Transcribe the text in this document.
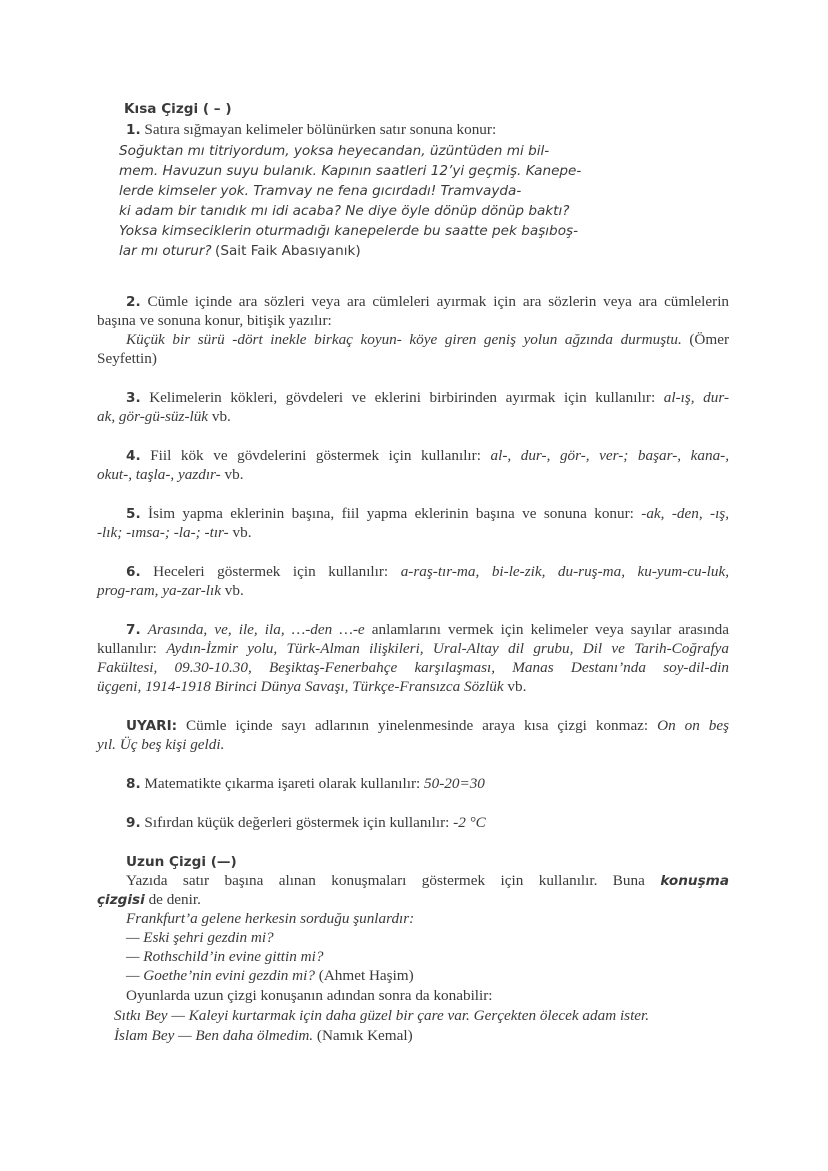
Kısa Çizgi ( – )
1. Satıra sığmayan kelimeler bölünürken satır sonuna konur:
Soğuktan mı titriyordum, yoksa heyecandan, üzüntüden mi bil-
mem. Havuzun suyu bulanık. Kapının saatleri 12’yi geçmiş. Kanepe-
lerde kimseler yok. Tramvay ne fena gıcırdadı! Tramvayda-
ki adam bir tanıdık mı idi acaba? Ne diye öyle dönüp dönüp baktı?
Yoksa kimseciklerin oturmadığı kanepelerde bu saatte pek başıboş-
lar mı oturur? (Sait Faik Abasıyanık)
2. Cümle içinde ara sözleri veya ara cümleleri ayırmak için ara sözlerin veya ara cümlelerin
başına ve sonuna konur, bitişik yazılır:
Küçük bir sürü -dört inekle birkaç koyun- köye giren geniş yolun ağzında durmuştu. (Ömer
Seyfettin)
3. Kelimelerin kökleri, gövdeleri ve eklerini birbirinden ayırmak için kullanılır: al-ış, dur-
ak, gör-gü-süz-lük vb.
4. Fiil kök ve gövdelerini göstermek için kullanılır: al-, dur-, gör-, ver-; başar-, kana-,
okut-, taşla-, yazdır- vb.
5. İsim yapma eklerinin başına, fiil yapma eklerinin başına ve sonuna konur: -ak, -den, -ış,
-lık; -ımsa-; -la-; -tır- vb.
6. Heceleri göstermek için kullanılır: a-raş-tır-ma, bi-le-zik, du-ruş-ma, ku-yum-cu-luk,
prog-ram, ya-zar-lık vb.
7. Arasında, ve, ile, ila, …-den …-e anlamlarını vermek için kelimeler veya sayılar arasında
kullanılır: Aydın-İzmir yolu, Türk-Alman ilişkileri, Ural-Altay dil grubu, Dil ve Tarih-Coğrafya
Fakültesi, 09.30-10.30, Beşiktaş-Fenerbahçe karşılaşması, Manas Destanı’nda soy-dil-din
üçgeni, 1914-1918 Birinci Dünya Savaşı, Türkçe-Fransızca Sözlük vb.
UYARI: Cümle içinde sayı adlarının yinelenmesinde araya kısa çizgi konmaz: On on beş
yıl. Üç beş kişi geldi.
8. Matematikte çıkarma işareti olarak kullanılır: 50-20=30
9. Sıfırdan küçük değerleri göstermek için kullanılır: -2 °C
Uzun Çizgi (—)
Yazıda satır başına alınan konuşmaları göstermek için kullanılır. Buna konuşma
çizgisi de denir.
Frankfurt’a gelene herkesin sorduğu şunlardır:
— Eski şehri gezdin mi?
— Rothschild’in evine gittin mi?
— Goethe’nin evini gezdin mi? (Ahmet Haşim)
Oyunlarda uzun çizgi konuşanın adından sonra da konabilir:
Sıtkı Bey — Kaleyi kurtarmak için daha güzel bir çare var. Gerçekten ölecek adam ister.
İslam Bey — Ben daha ölmedim. (Namık Kemal)
